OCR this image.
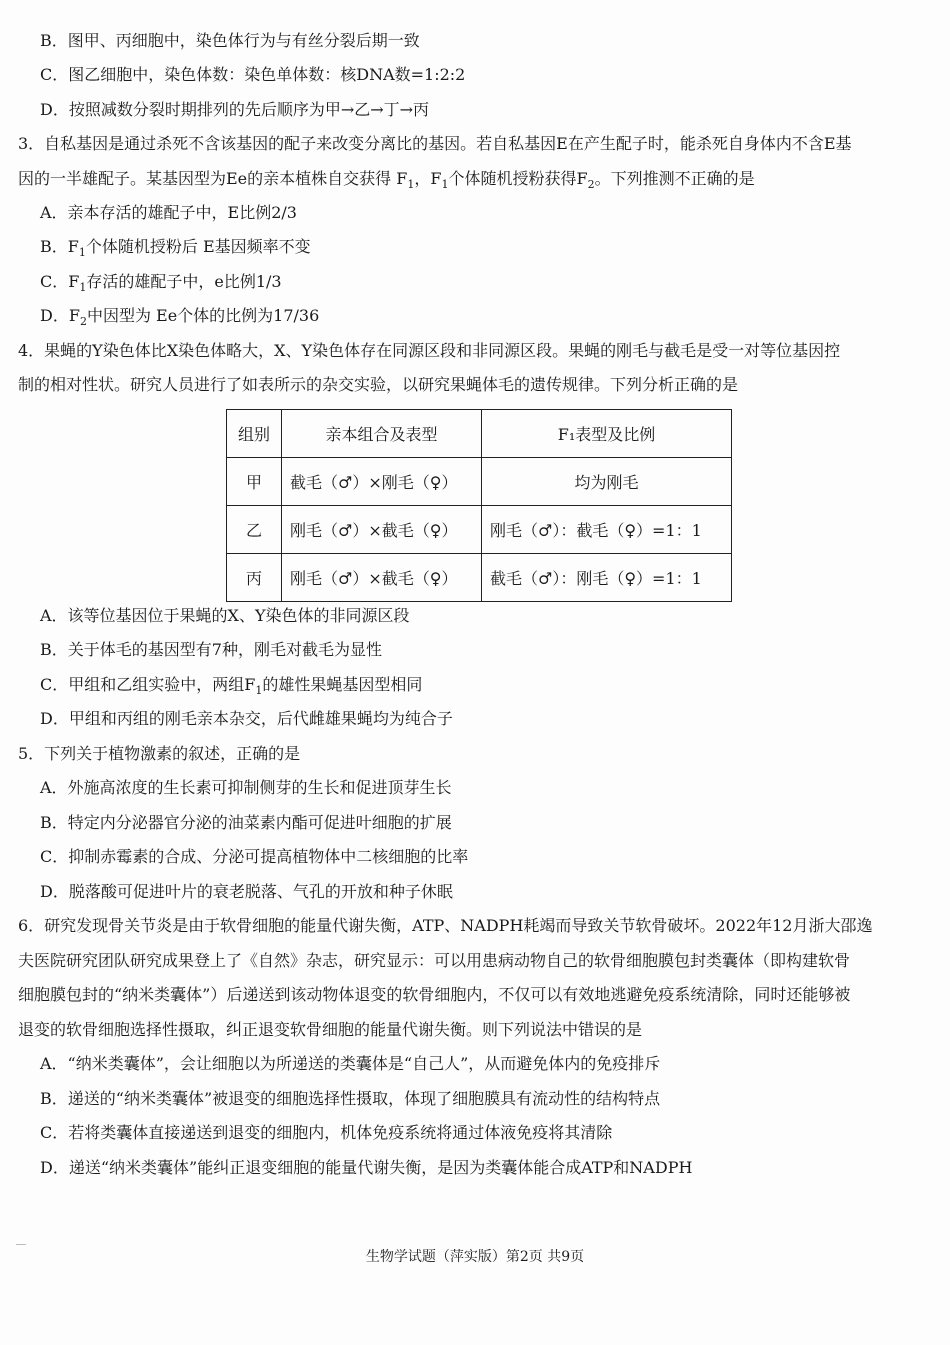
B．图甲、丙细胞中，染色体行为与有丝分裂后期一致
C．图乙细胞中，染色体数：染色单体数：核DNA数=1:2:2
D．按照减数分裂时期排列的先后顺序为甲→乙→丁→丙
3．自私基因是通过杀死不含该基因的配子来改变分离比的基因。若自私基因E在产生配子时，能杀死自身体内不含E基
因的一半雄配子。某基因型为Ee的亲本植株自交获得 $F_1$，$F_1$个体随机授粉获得$F_2$。下列推测不正确的是
A．亲本存活的雄配子中，E比例2/3
B．$F_1$个体随机授粉后 E基因频率不变
C．$F_1$存活的雄配子中，e比例1/3
D．$F_2$中因型为 Ee个体的比例为17/36
4．果蝇的Y染色体比X染色体略大，X、Y染色体存在同源区段和非同源区段。果蝇的刚毛与截毛是受一对等位基因控
制的相对性状。研究人员进行了如表所示的杂交实验，以研究果蝇体毛的遗传规律。下列分析正确的是
组别	亲本组合及表型	F₁表型及比例
甲	截毛（♂）×刚毛（♀）	均为刚毛
乙	刚毛（♂）×截毛（♀）	刚毛（♂）：截毛（♀）=1：1
丙	刚毛（♂）×截毛（♀）	截毛（♂）：刚毛（♀）=1：1
A．该等位基因位于果蝇的X、Y染色体的非同源区段
B．关于体毛的基因型有7种，刚毛对截毛为显性
C．甲组和乙组实验中，两组$F_1$的雄性果蝇基因型相同
D．甲组和丙组的刚毛亲本杂交，后代雌雄果蝇均为纯合子
5．下列关于植物激素的叙述，正确的是
A．外施高浓度的生长素可抑制侧芽的生长和促进顶芽生长
B．特定内分泌器官分泌的油菜素内酯可促进叶细胞的扩展
C．抑制赤霉素的合成、分泌可提高植物体中二核细胞的比率
D．脱落酸可促进叶片的衰老脱落、气孔的开放和种子休眠
6．研究发现骨关节炎是由于软骨细胞的能量代谢失衡，ATP、NADPH耗竭而导致关节软骨破坏。2022年12月浙大邵逸
夫医院研究团队研究成果登上了《自然》杂志，研究显示：可以用患病动物自己的软骨细胞膜包封类囊体（即构建软骨
细胞膜包封的“纳米类囊体”）后递送到该动物体退变的软骨细胞内，不仅可以有效地逃避免疫系统清除，同时还能够被
退变的软骨细胞选择性摄取，纠正退变软骨细胞的能量代谢失衡。则下列说法中错误的是
A．“纳米类囊体”，会让细胞以为所递送的类囊体是“自己人”，从而避免体内的免疫排斥
B．递送的“纳米类囊体”被退变的细胞选择性摄取，体现了细胞膜具有流动性的结构特点
C．若将类囊体直接递送到退变的细胞内，机体免疫系统将通过体液免疫将其清除
D．递送“纳米类囊体”能纠正退变细胞的能量代谢失衡，是因为类囊体能合成ATP和NADPH
生物学试题（萍实版）第2页 共9页
